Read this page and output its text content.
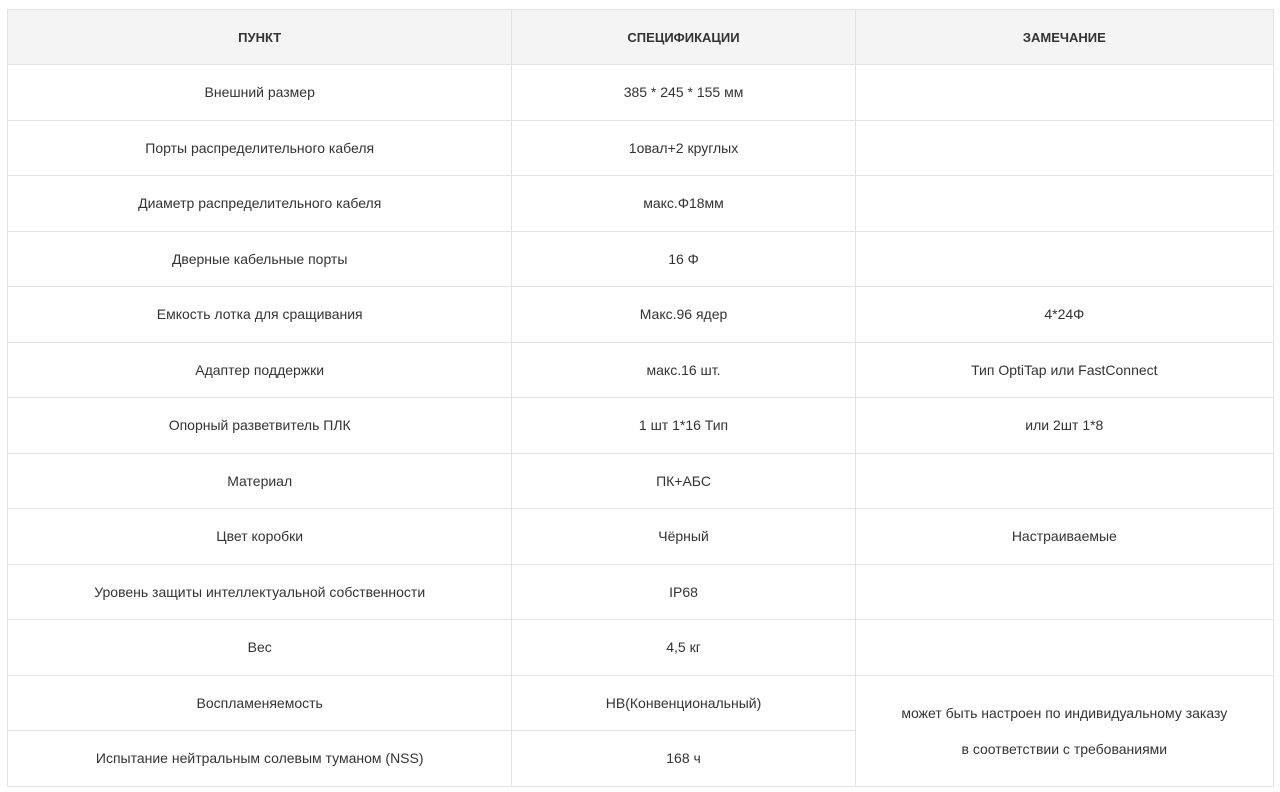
ПУНКТ	СПЕЦИФИКАЦИИ	ЗАМЕЧАНИЕ
Внешний размер	385 * 245 * 155 мм	
Порты распределительного кабеля	1овал+2 круглых	
Диаметр распределительного кабеля	макс.Φ18мм	
Дверные кабельные порты	16 Φ	
Емкость лотка для сращивания	Макс.96 ядер	4*24Φ
Адаптер поддержки	макс.16 шт.	Тип OptiTap или FastConnect
Опорный разветвитель ПЛК	1 шт 1*16 Тип	или 2шт 1*8
Материал	ПК+АБС	
Цвет коробки	Чёрный	Настраиваемые
Уровень защиты интеллектуальной собственности	IP68	
Вес	4,5 кг	
Воспламеняемость	HB(Конвенциональный)	может быть настроен по индивидуальному заказу
в соответствии с требованиями

Испытание нейтральным солевым туманом (NSS)	168 ч	
